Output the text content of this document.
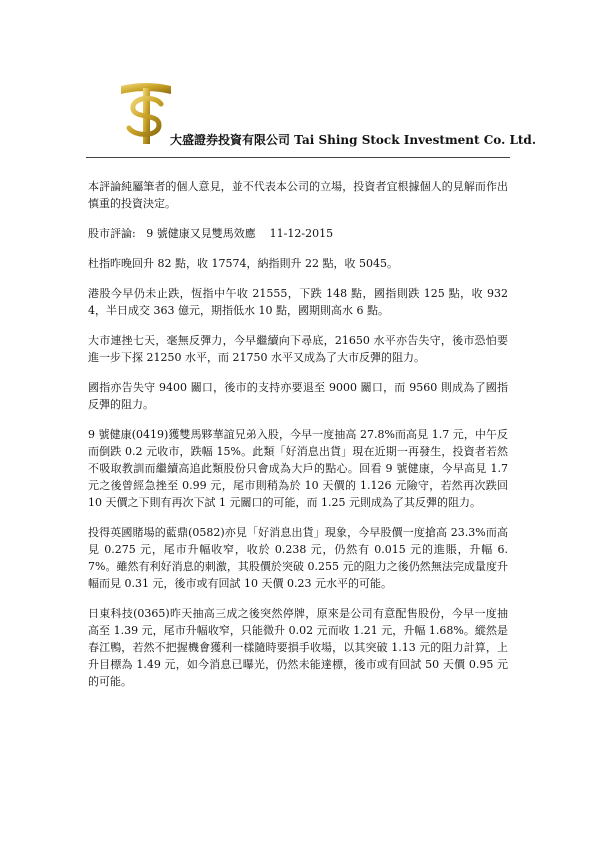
大盛證券投資有限公司 Tai Shing Stock Investment Co. Ltd.

本評論純屬筆者的個人意見，並不代表本公司的立場，投資者宜根據個人的見解而作出慎重的投資決定。

股市評論:   9 號健康又見雙馬效應    11-12-2015

杜指昨晚回升 82 點，收 17574，納指則升 22 點，收 5045。

港股今早仍未止跌，恆指中午收 21555，下跌 148 點，國指則跌 125 點，收 9324，半日成交 363 億元，期指低水 10 點，國期則高水 6 點。

大市連挫七天，毫無反彈力，今早繼續向下尋底，21650 水平亦告失守，後市恐怕要進一步下探 21250 水平，而 21750 水平又成為了大市反彈的阻力。

國指亦告失守 9400 關口，後市的支持亦要退至 9000 關口，而 9560 則成為了國指反彈的阻力。

9 號健康(0419)獲雙馬夥華誼兄弟入股，今早一度抽高 27.8%而高見 1.7 元，中午反而倒跌 0.2 元收市，跌幅 15%。此類「好消息出貨」現在近期一再發生，投資者若然不吸取教訓而繼續高追此類股份只會成為大戶的點心。回看 9 號健康，今早高見 1.7 元之後曾經急挫至 0.99 元，尾市則稍為於 10 天價的 1.126 元險守，若然再次跌回 10 天價之下則有再次下試 1 元關口的可能，而 1.25 元則成為了其反彈的阻力。

投得英國賭場的藍鼎(0582)亦見「好消息出貨」現象，今早股價一度搶高 23.3%而高見 0.275 元，尾市升幅收窄，收於 0.238 元，仍然有 0.015 元的進賬，升幅 6.7%。雖然有利好消息的刺激，其股價於突破 0.255 元的阻力之後仍然無法完成量度升幅而見 0.31 元，後市或有回試 10 天價 0.23 元水平的可能。

日東科技(0365)昨天抽高三成之後突然停牌，原來是公司有意配售股份，今早一度抽高至 1.39 元，尾市升幅收窄，只能微升 0.02 元而收 1.21 元，升幅 1.68%。縱然是春江鴨，若然不把握機會獲利一樣隨時要損手收場，以其突破 1.13 元的阻力計算，上升目標為 1.49 元，如今消息已曝光，仍然未能達標，後市或有回試 50 天價 0.95 元的可能。
